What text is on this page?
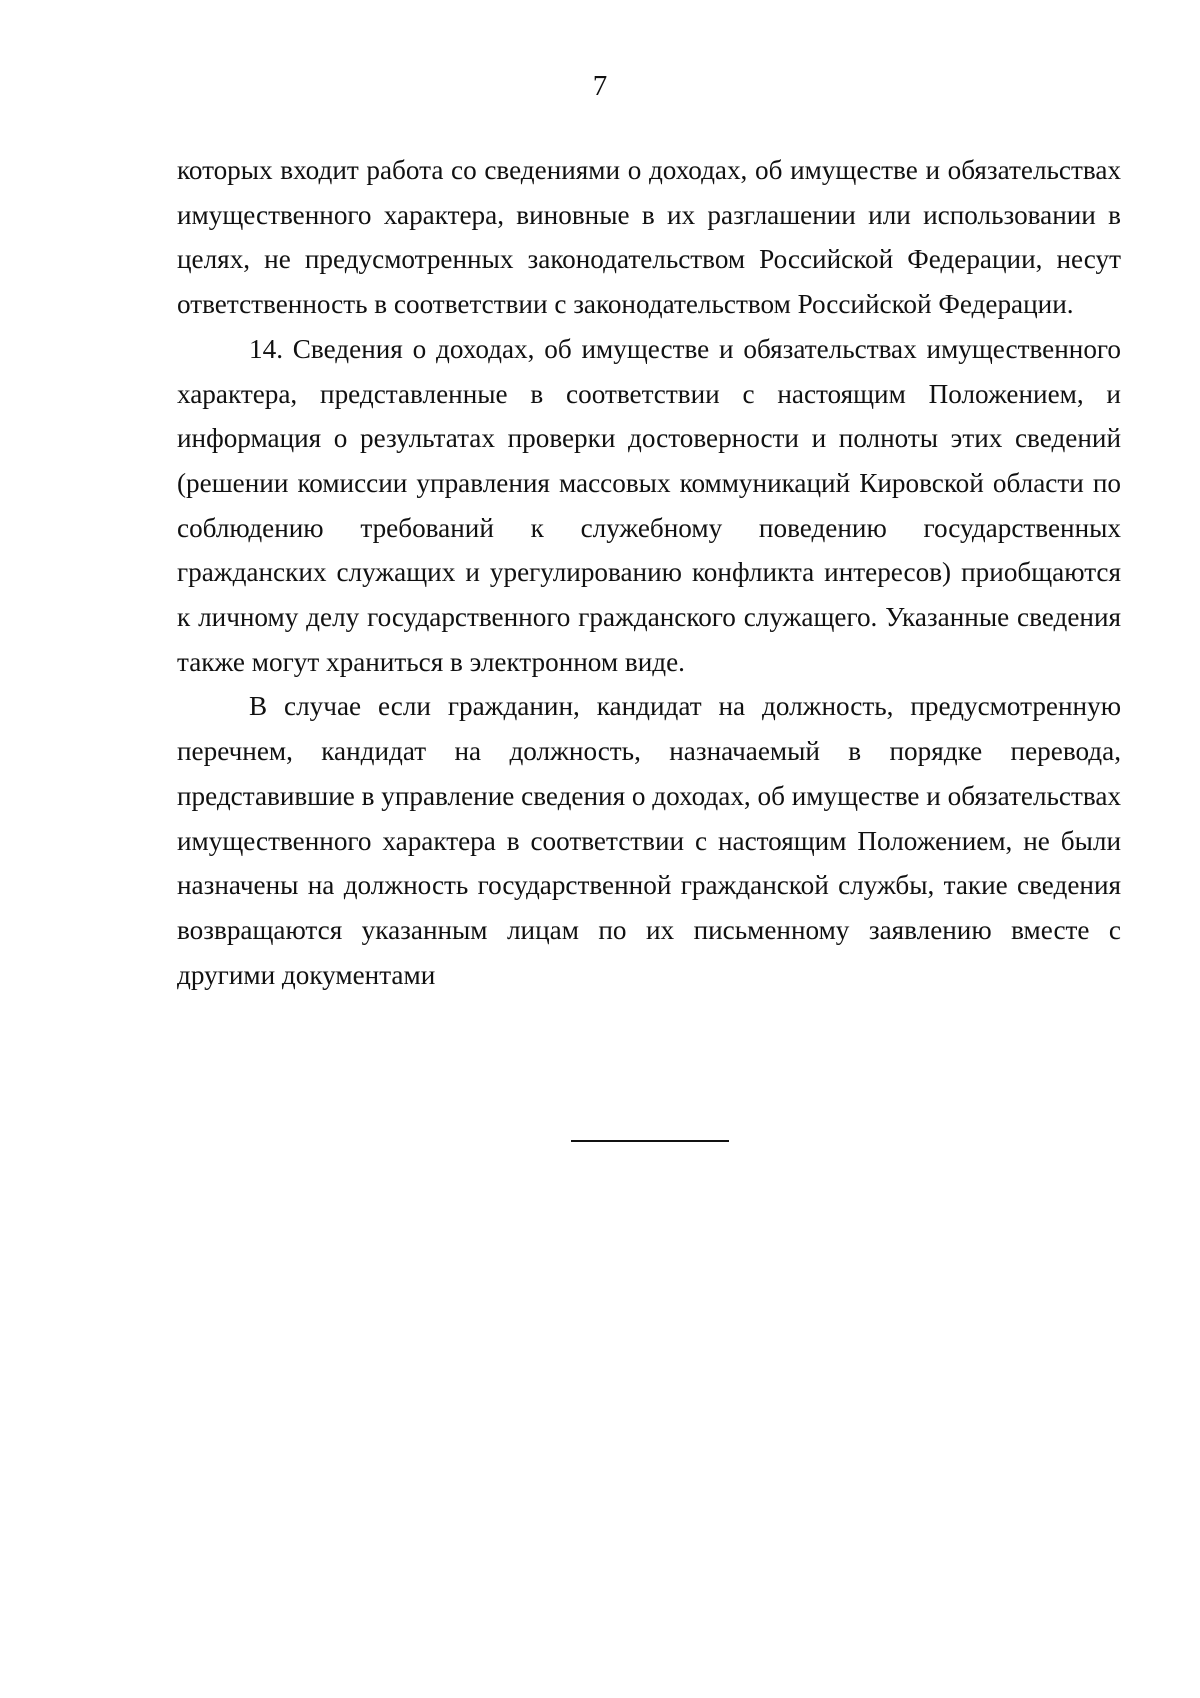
7

которых входит работа со сведениями о доходах, об имуществе и обязательствах имущественного характера, виновные в их разглашении или использовании в целях, не предусмотренных законодательством Российской Федерации, несут ответственность в соответствии с законодательством Российской Федерации.

14. Сведения о доходах, об имуществе и обязательствах имущественного характера, представленные в соответствии с настоящим Положением, и информация о результатах проверки достоверности и полноты этих сведений (решении комиссии управления массовых коммуникаций Кировской области по соблюдению требований к служебному поведению государственных гражданских служащих и урегулированию конфликта интересов) приобщаются к личному делу государственного гражданского служащего. Указанные сведения также могут храниться в электронном виде.

В случае если гражданин, кандидат на должность, предусмотренную перечнем, кандидат на должность, назначаемый в порядке перевода, представившие в управление сведения о доходах, об имуществе и обязательствах имущественного характера в соответствии с настоящим Положением, не были назначены на должность государственной гражданской службы, такие сведения возвращаются указанным лицам по их письменному заявлению вместе с другими документами
